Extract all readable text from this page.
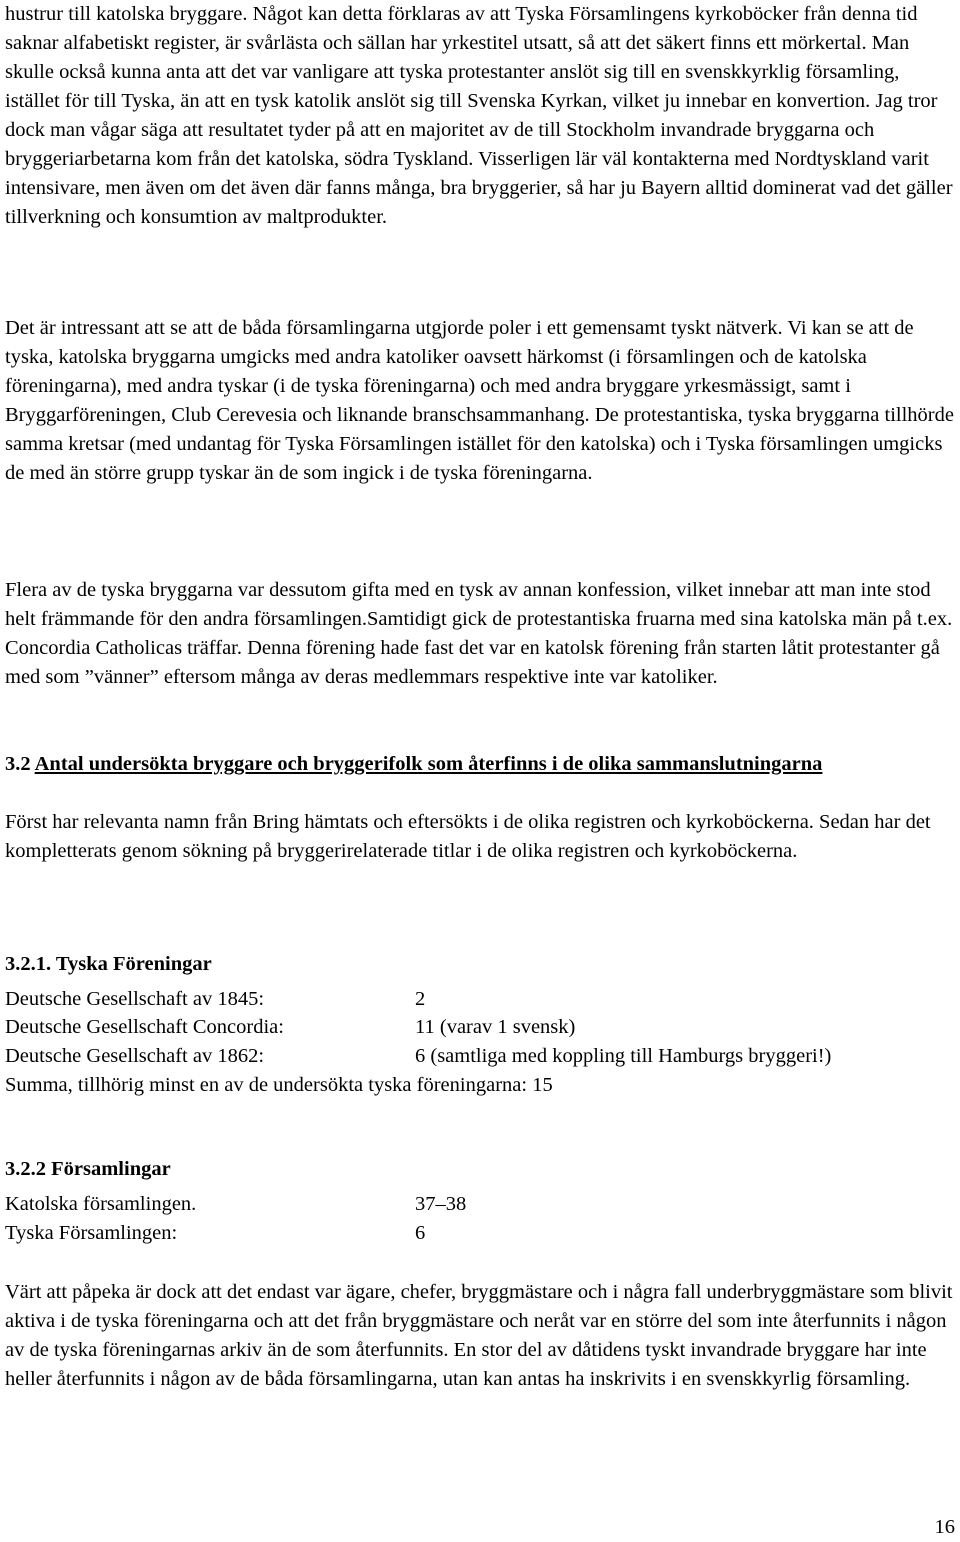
hustrur till katolska bryggare. Något kan detta förklaras av att Tyska Församlingens kyrkoböcker från denna tid saknar alfabetiskt register, är svårlästa och sällan har yrkestitel utsatt, så att det säkert finns ett mörkertal. Man skulle också kunna anta att det var vanligare att tyska protestanter anslöt sig till en svenskkyrklig församling, istället för till Tyska, än att en tysk katolik anslöt sig till Svenska Kyrkan, vilket ju innebar en konvertion. Jag tror dock man vågar säga att resultatet tyder på att en majoritet av de till Stockholm invandrade bryggarna och bryggeriarbetarna kom från det katolska, södra Tyskland. Visserligen lär väl kontakterna med Nordtyskland varit intensivare, men även om det även där fanns många, bra bryggerier, så har ju Bayern alltid dominerat vad det gäller tillverkning och konsumtion av maltprodukter.

Det är intressant att se att de båda församlingarna utgjorde poler i ett gemensamt tyskt nätverk. Vi kan se att de tyska, katolska bryggarna umgicks med andra katoliker oavsett härkomst (i församlingen och de katolska föreningarna), med andra tyskar (i de tyska föreningarna) och med andra bryggare yrkesmässigt, samt i Bryggarföreningen, Club Cerevesia och liknande branschsammanhang. De protestantiska, tyska bryggarna tillhörde samma kretsar (med undantag för Tyska Församlingen istället för den katolska) och i Tyska församlingen umgicks de med än större grupp tyskar än de som ingick i de tyska föreningarna.

Flera av de tyska bryggarna var dessutom gifta med en tysk av annan konfession, vilket innebar att man inte stod helt främmande för den andra församlingen.Samtidigt gick de protestantiska fruarna med sina katolska män på t.ex. Concordia Catholicas träffar. Denna förening hade fast det var en katolsk förening från starten låtit protestanter gå med som ”vänner” eftersom många av deras medlemmars respektive inte var katoliker.

3.2 Antal undersökta bryggare och bryggerifolk som återfinns i de olika sammanslutningarna

Först har relevanta namn från Bring hämtats och eftersökts i de olika registren och kyrkoböckerna. Sedan har det kompletterats genom sökning på bryggerirelaterade titlar i de olika registren och kyrkoböckerna.

3.2.1. Tyska Föreningar
Deutsche Gesellschaft av 1845:	2
Deutsche Gesellschaft Concordia:	11 (varav 1 svensk)
Deutsche Gesellschaft av 1862:	6 (samtliga med koppling till Hamburgs bryggeri!)
Summa, tillhörig minst en av de undersökta tyska föreningarna: 15
3.2.2 Församlingar
Katolska församlingen.	37–38
Tyska Församlingen:	6

Värt att påpeka är dock att det endast var ägare, chefer, bryggmästare och i några fall underbryggmästare som blivit aktiva i de tyska föreningarna och att det från bryggmästare och neråt var en större del som inte återfunnits i någon av de tyska föreningarnas arkiv än de som återfunnits. En stor del av dåtidens tyskt invandrade bryggare har inte heller återfunnits i någon av de båda församlingarna, utan kan antas ha inskrivits i en svenskkyrlig församling.

16
